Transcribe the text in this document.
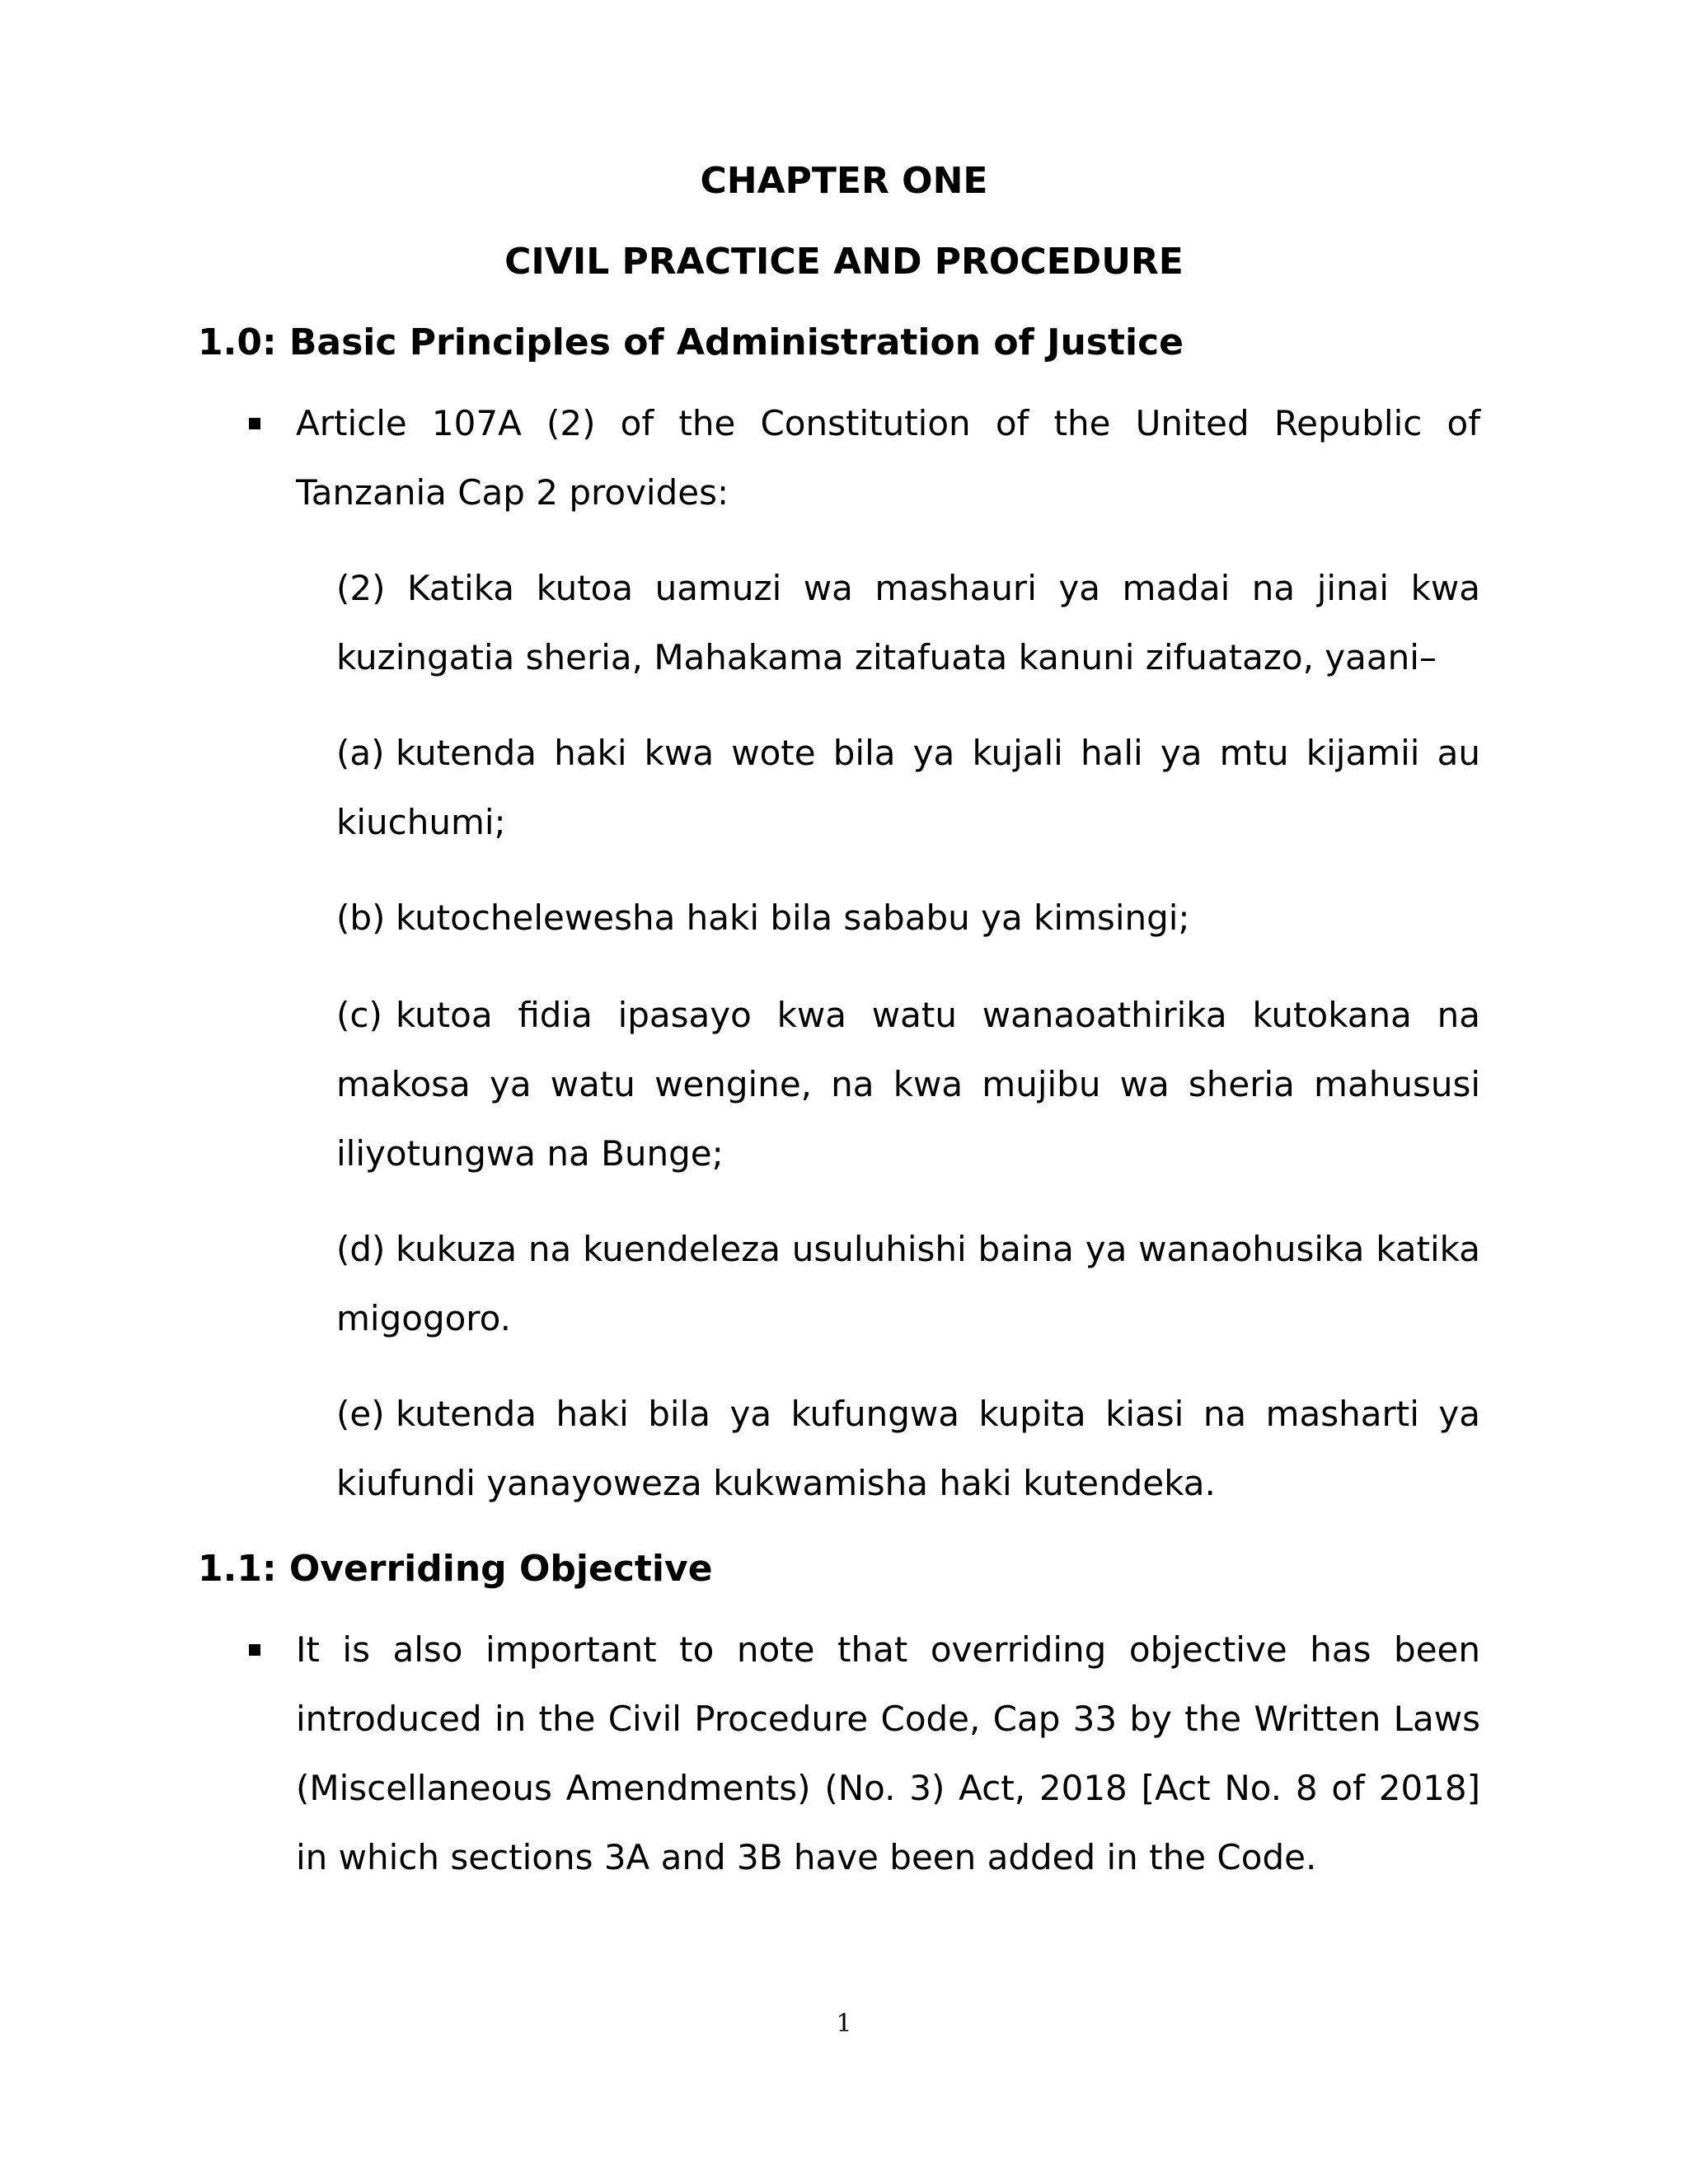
CHAPTER ONE
CIVIL PRACTICE AND PROCEDURE
1.0: Basic Principles of Administration of Justice

Article 107A (2) of the Constitution of the United Republic of Tanzania Cap 2 provides:

(2) Katika kutoa uamuzi wa mashauri ya madai na jinai kwa kuzingatia sheria, Mahakama zitafuata kanuni zifuatazo, yaani–

(a) kutenda haki kwa wote bila ya kujali hali ya mtu kijamii au kiuchumi;

(b) kutocheleweshа haki bila sababu ya kimsingi;

(c) kutoa fidia ipasayo kwa watu wanaoathirika kutokana na makosa ya watu wengine, na kwa mujibu wa sheria mahususi iliyotungwa na Bunge;

(d) kukuza na kuendeleza usuluhishi baina ya wanaohusika katika migogoro.

(e) kutenda haki bila ya kufungwa kupita kiasi na masharti ya kiufundi yanayoweza kukwamisha haki kutendeka.

1.1: Overriding Objective

It is also important to note that overriding objective has been introduced in the Civil Procedure Code, Cap 33 by the Written Laws (Miscellaneous Amendments) (No. 3) Act, 2018 [Act No. 8 of 2018] in which sections 3A and 3B have been added in the Code.

1
